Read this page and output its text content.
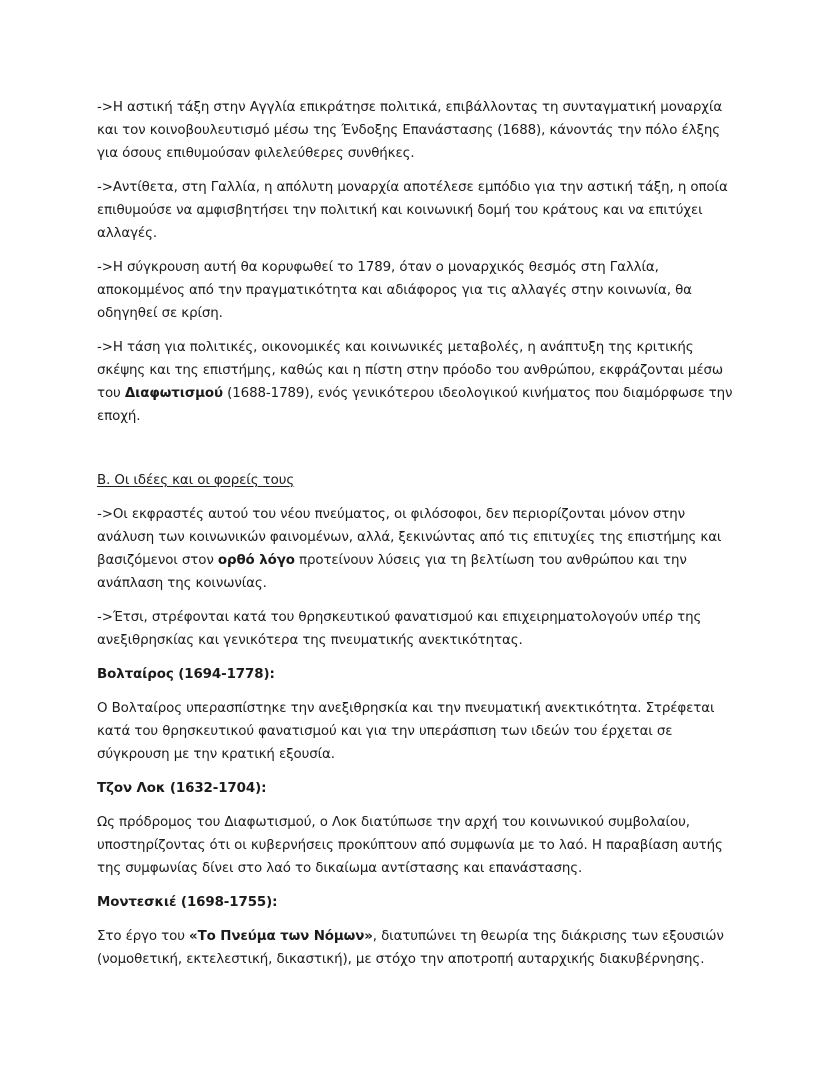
->Η αστική τάξη στην Αγγλία επικράτησε πολιτικά, επιβάλλοντας τη συνταγματική μοναρχία και τον κοινοβουλευτισμό μέσω της Ένδοξης Επανάστασης (1688), κάνοντάς την πόλο έλξης για όσους επιθυμούσαν φιλελεύθερες συνθήκες.

->Αντίθετα, στη Γαλλία, η απόλυτη μοναρχία αποτέλεσε εμπόδιο για την αστική τάξη, η οποία επιθυμούσε να αμφισβητήσει την πολιτική και κοινωνική δομή του κράτους και να επιτύχει αλλαγές.

->Η σύγκρουση αυτή θα κορυφωθεί το 1789, όταν ο μοναρχικός θεσμός στη Γαλλία, αποκομμένος από την πραγματικότητα και αδιάφορος για τις αλλαγές στην κοινωνία, θα οδηγηθεί σε κρίση.

->Η τάση για πολιτικές, οικονομικές και κοινωνικές μεταβολές, η ανάπτυξη της κριτικής σκέψης και της επιστήμης, καθώς και η πίστη στην πρόοδο του ανθρώπου, εκφράζονται μέσω του Διαφωτισμού (1688-1789), ενός γενικότερου ιδεολογικού κινήματος που διαμόρφωσε την εποχή.

Β. Οι ιδέες και οι φορείς τους

->Οι εκφραστές αυτού του νέου πνεύματος, οι φιλόσοφοι, δεν περιορίζονται μόνον στην ανάλυση των κοινωνικών φαινομένων, αλλά, ξεκινώντας από τις επιτυχίες της επιστήμης και βασιζόμενοι στον ορθό λόγο προτείνουν λύσεις για τη βελτίωση του ανθρώπου και την ανάπλαση της κοινωνίας.

->Έτσι, στρέφονται κατά του θρησκευτικού φανατισμού και επιχειρηματολογούν υπέρ της ανεξιθρησκίας και γενικότερα της πνευματικής ανεκτικότητας.

Βολταίρος (1694-1778):

Ο Βολταίρος υπερασπίστηκε την ανεξιθρησκία και την πνευματική ανεκτικότητα. Στρέφεται κατά του θρησκευτικού φανατισμού και για την υπεράσπιση των ιδεών του έρχεται σε σύγκρουση με την κρατική εξουσία.

Τζον Λοκ (1632-1704):

Ως πρόδρομος του Διαφωτισμού, ο Λοκ διατύπωσε την αρχή του κοινωνικού συμβολαίου, υποστηρίζοντας ότι οι κυβερνήσεις προκύπτουν από συμφωνία με το λαό. Η παραβίαση αυτής της συμφωνίας δίνει στο λαό το δικαίωμα αντίστασης και επανάστασης.

Μοντεσκιέ (1698-1755):

Στο έργο του «Το Πνεύμα των Νόμων», διατυπώνει τη θεωρία της διάκρισης των εξουσιών (νομοθετική, εκτελεστική, δικαστική), με στόχο την αποτροπή αυταρχικής διακυβέρνησης.
